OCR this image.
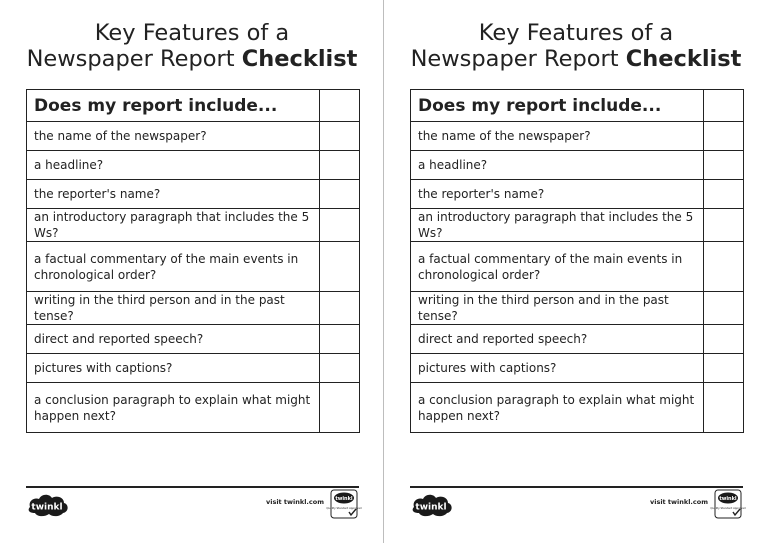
Key Features of a
Newspaper Report Checklist
Does my report include...	
the name of the newspaper?	
a headline?	
the reporter's name?	
an introductory paragraph that includes the 5 Ws?	
a factual commentary of the main events in chronological order?	
writing in the third person and in the past tense?	
direct and reported speech?	
pictures with captions?	
a conclusion paragraph to explain what might happen next?	
twinkl
visit twinkl.com twinkl
Quality Standard Approved
Key Features of a
Newspaper Report Checklist
Does my report include...	
the name of the newspaper?	
a headline?	
the reporter's name?	
an introductory paragraph that includes the 5 Ws?	
a factual commentary of the main events in chronological order?	
writing in the third person and in the past tense?	
direct and reported speech?	
pictures with captions?	
a conclusion paragraph to explain what might happen next?	
twinkl
visit twinkl.com twinkl
Quality Standard Approved
